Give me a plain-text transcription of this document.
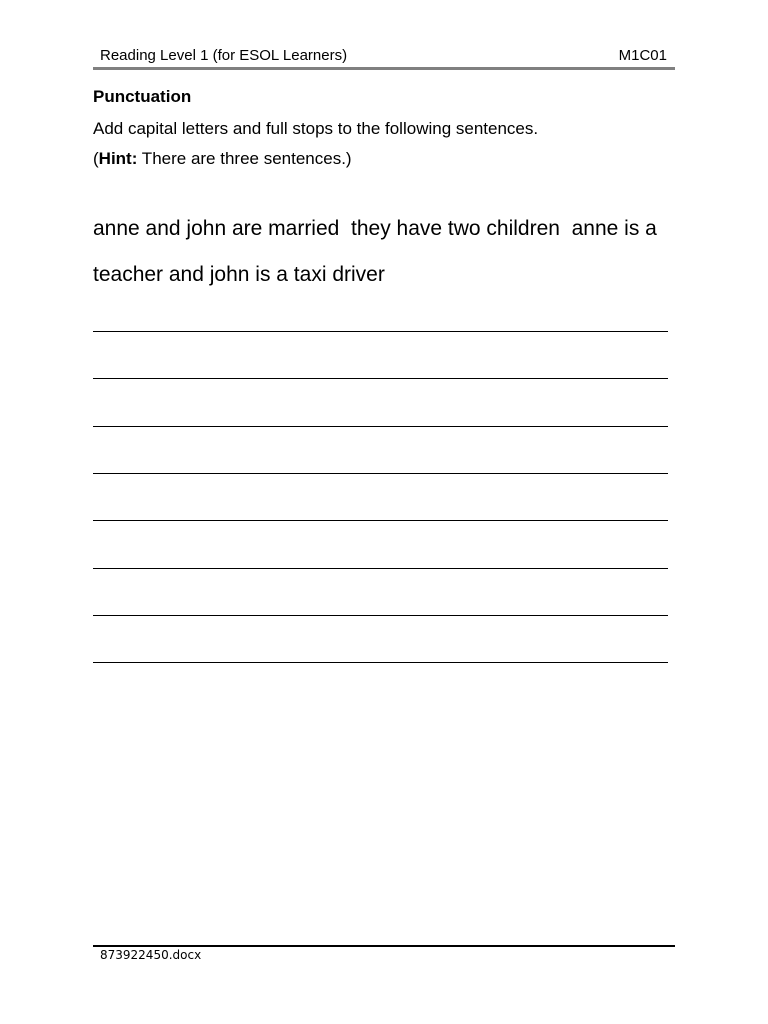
Reading Level 1 (for ESOL Learners)	M1C01
Punctuation
Add capital letters and full stops to the following sentences.
(Hint: There are three sentences.)
anne and john are married  they have two children  anne is a teacher and john is a taxi driver
873922450.docx
